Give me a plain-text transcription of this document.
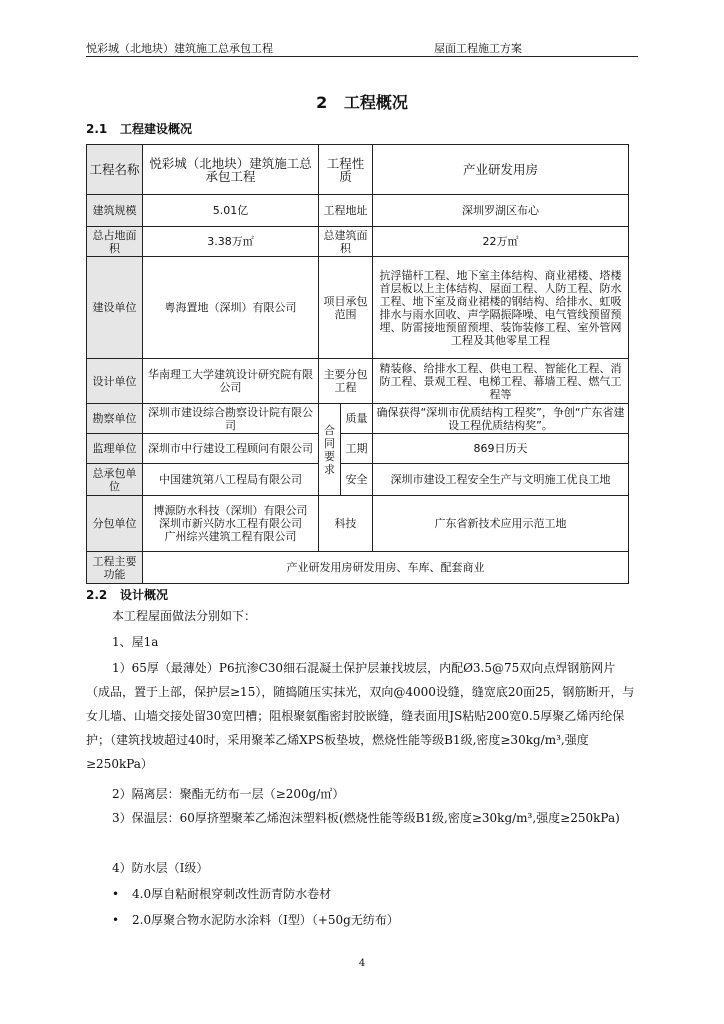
悦彩城（北地块）建筑施工总承包工程	屋面工程施工方案
2 工程概况
2.1 工程建设概况
工程名称	悦彩城（北地块）建筑施工总承包工程	工程性质		产业研发用房
建筑规模	5.01亿	工程地址		深圳罗湖区布心
总占地面积	3.38万㎡	总建筑面积		22万㎡
建设单位	粤海置地（深圳）有限公司	项目承包范围		抗浮锚杆工程、地下室主体结构、商业裙楼、塔楼首层板以上主体结构、屋面工程、人防工程、防水工程、地下室及商业裙楼的钢结构、给排水、虹吸排水与雨水回收、声学隔振降噪、电气管线预留预埋、防雷接地预留预埋、装饰装修工程、室外管网工程及其他零星工程
设计单位	华南理工大学建筑设计研究院有限公司	主要分包工程		精装修、给排水工程、供电工程、智能化工程、消防工程、景观工程、电梯工程、幕墙工程、燃气工程等
勘察单位	深圳市建设综合勘察设计院有限公司	合同要求	质量	确保获得“深圳市优质结构工程奖”，争创“广东省建设工程优质结构奖”。
监理单位	深圳市中行建设工程顾问有限公司		工期	869日历天
总承包单位	中国建筑第八工程局有限公司		安全	深圳市建设工程安全生产与文明施工优良工地
分包单位	博源防水科技（深圳）有限公司
深圳市新兴防水工程有限公司
广州综兴建筑工程有限公司	科技		广东省新技术应用示范工地
工程主要功能	产业研发用房研发用房、车库、配套商业			
2.2 设计概况
本工程屋面做法分别如下：
1、屋1a
1）65厚（最薄处）P6抗渗C30细石混凝土保护层兼找坡层，内配Ø3.5@75双向点焊钢筋网片（成品，置于上部，保护层≥15），随捣随压实抹光，双向@4000设缝，缝宽底20面25，钢筋断开，与女儿墙、山墙交接处留30宽凹槽；阻根聚氨酯密封胶嵌缝，缝表面用JS粘贴200宽0.5厚聚乙烯丙纶保护；（建筑找坡超过40时，采用聚苯乙烯XPS板垫坡，燃烧性能等级B1级,密度≥30kg/m³,强度≥250kPa）
2）隔离层：聚酯无纺布一层（≥200g/㎡）
3）保温层：60厚挤塑聚苯乙烯泡沫塑料板(燃烧性能等级B1级,密度≥30kg/m³,强度≥250kPa)
4）防水层（Ⅰ级）
• 4.0厚自粘耐根穿刺改性沥青防水卷材
• 2.0厚聚合物水泥防水涂料（Ⅰ型）（+50g无纺布）
4
